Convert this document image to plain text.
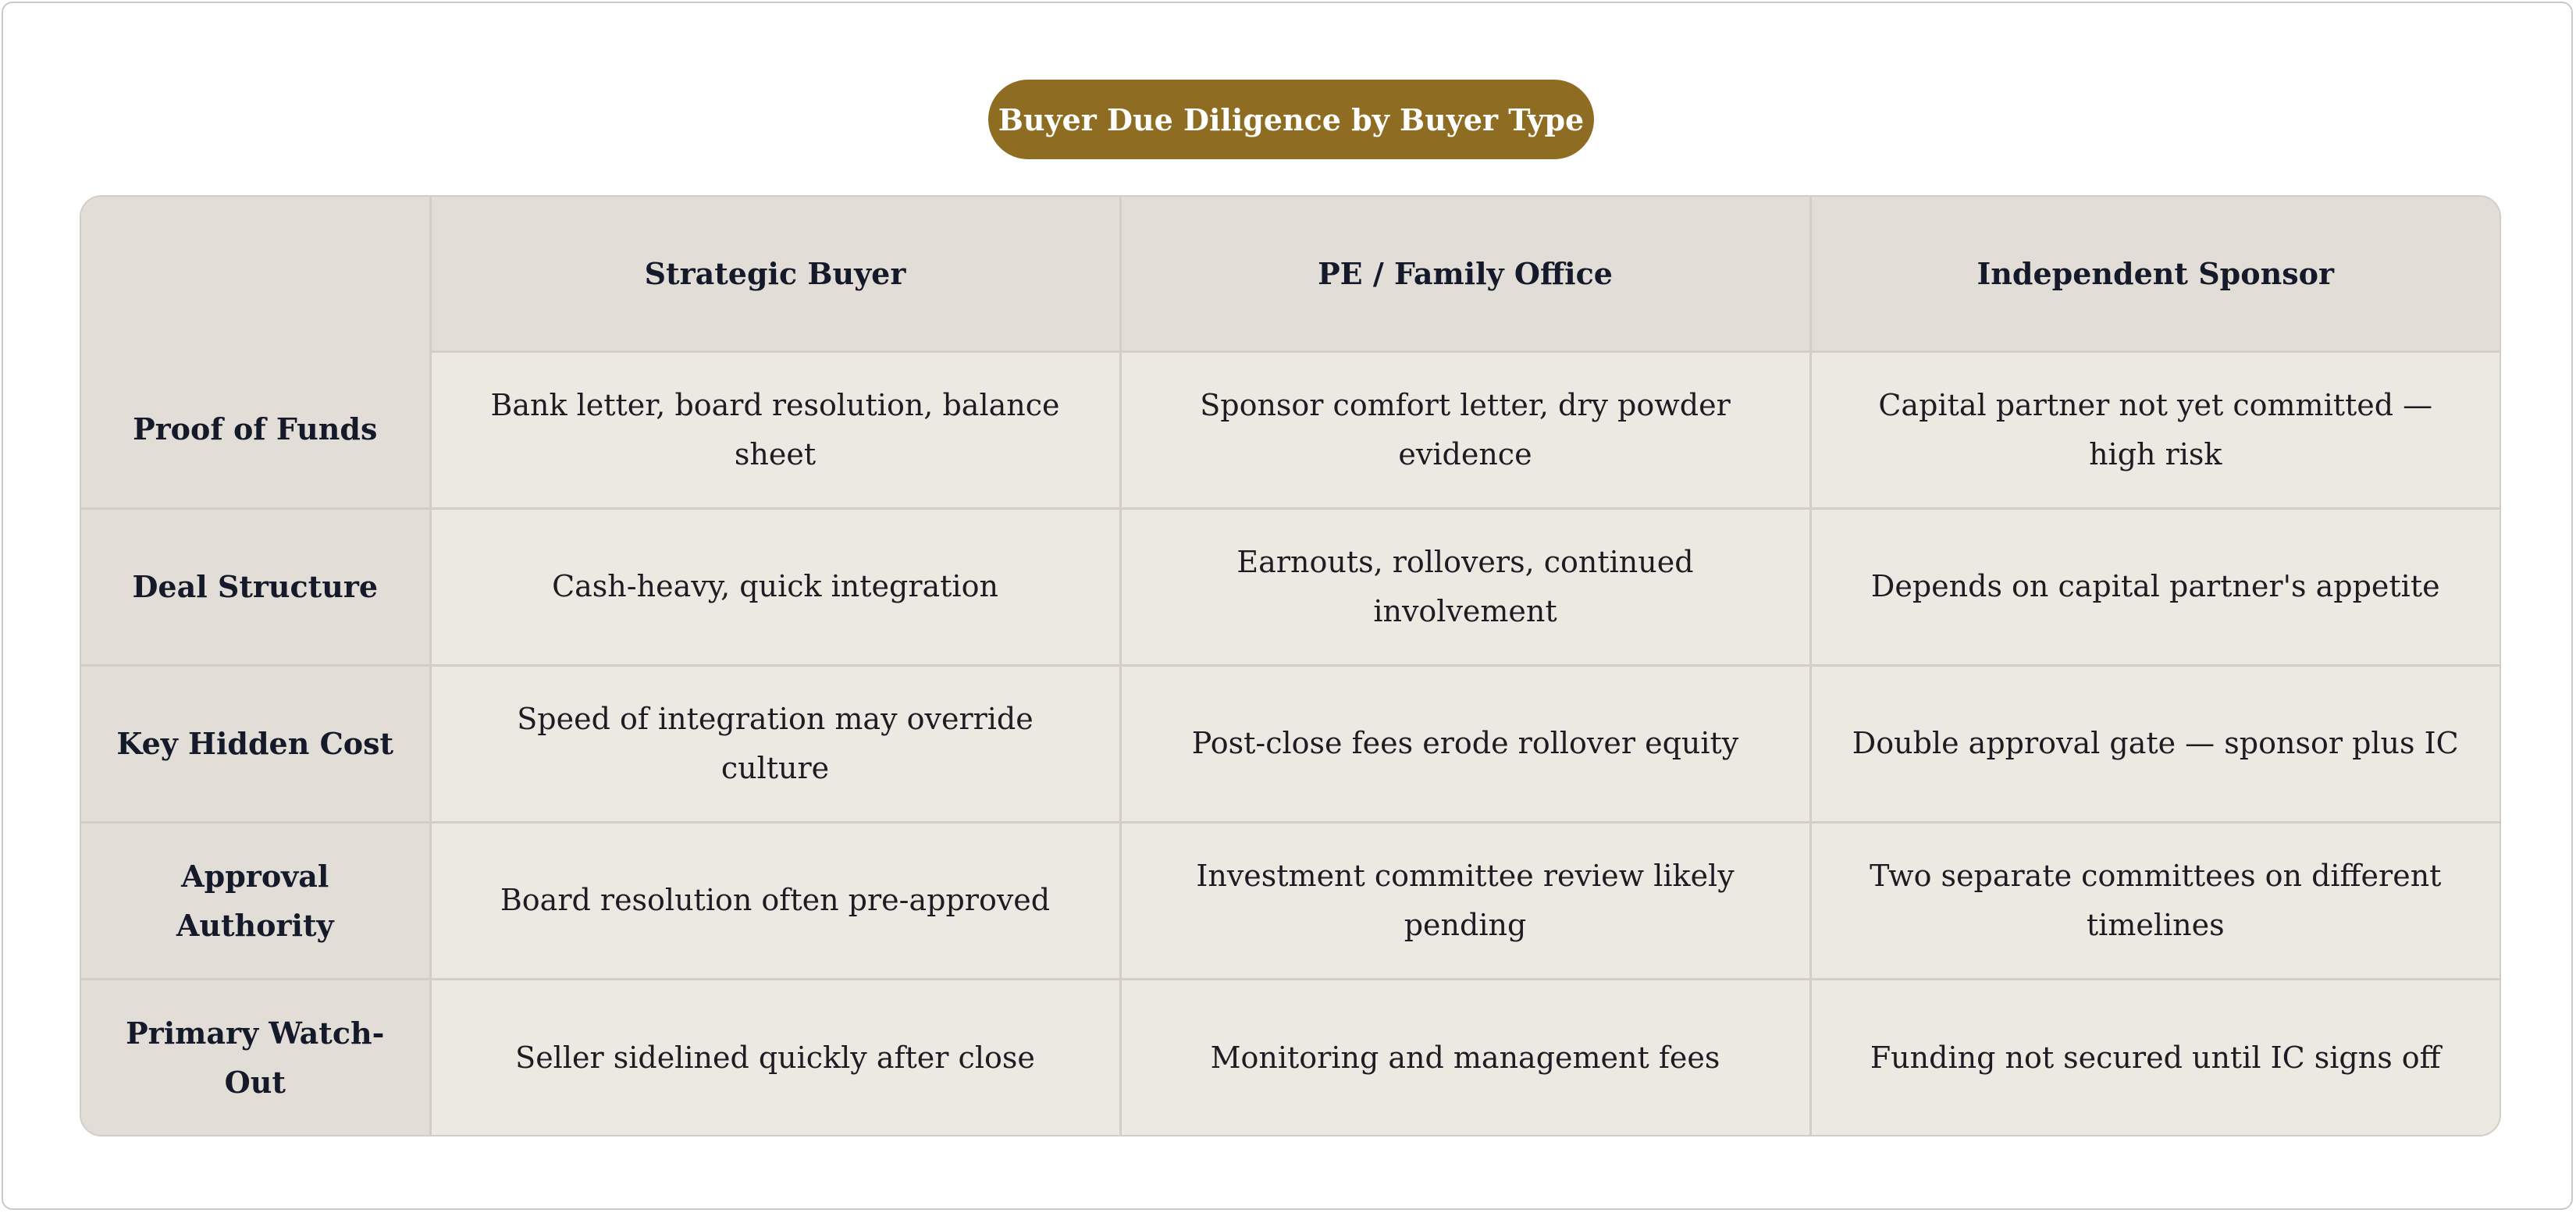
Buyer Due Diligence by Buyer Type
	Strategic Buyer	PE / Family Office	Independent Sponsor
Proof of Funds	Bank letter, board resolution, balance sheet	Sponsor comfort letter, dry powder evidence	Capital partner not yet committed — high risk
Deal Structure	Cash-heavy, quick integration	Earnouts, rollovers, continued involvement	Depends on capital partner's appetite
Key Hidden Cost	Speed of integration may override culture	Post-close fees erode rollover equity	Double approval gate — sponsor plus IC
Approval Authority	Board resolution often pre-approved	Investment committee review likely pending	Two separate committees on different timelines
Primary Watch-Out	Seller sidelined quickly after close	Monitoring and management fees	Funding not secured until IC signs off
